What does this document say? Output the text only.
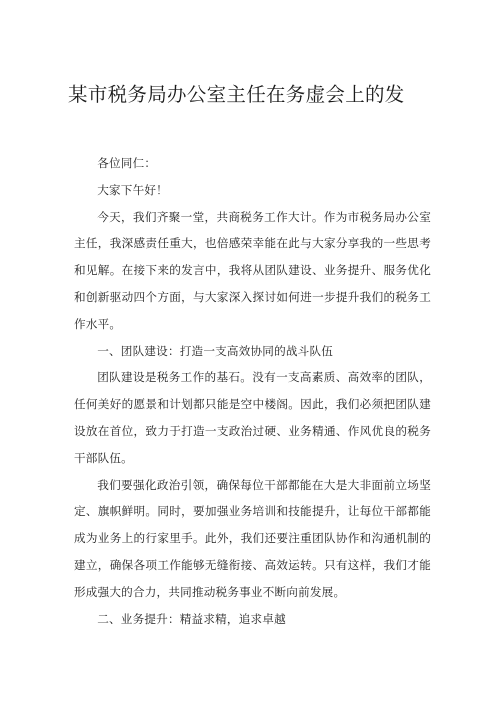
某市税务局办公室主任在务虚会上的发

各位同仁：

大家下午好！

今天，我们齐聚一堂，共商税务工作大计。作为市税务局办公室主任，我深感责任重大，也倍感荣幸能在此与大家分享我的一些思考和见解。在接下来的发言中，我将从团队建设、业务提升、服务优化和创新驱动四个方面，与大家深入探讨如何进一步提升我们的税务工作水平。

一、团队建设：打造一支高效协同的战斗队伍

团队建设是税务工作的基石。没有一支高素质、高效率的团队，任何美好的愿景和计划都只能是空中楼阁。因此，我们必须把团队建设放在首位，致力于打造一支政治过硬、业务精通、作风优良的税务干部队伍。

我们要强化政治引领，确保每位干部都能在大是大非面前立场坚定、旗帜鲜明。同时，要加强业务培训和技能提升，让每位干部都能成为业务上的行家里手。此外，我们还要注重团队协作和沟通机制的建立，确保各项工作能够无缝衔接、高效运转。只有这样，我们才能形成强大的合力，共同推动税务事业不断向前发展。

二、业务提升：精益求精，追求卓越
